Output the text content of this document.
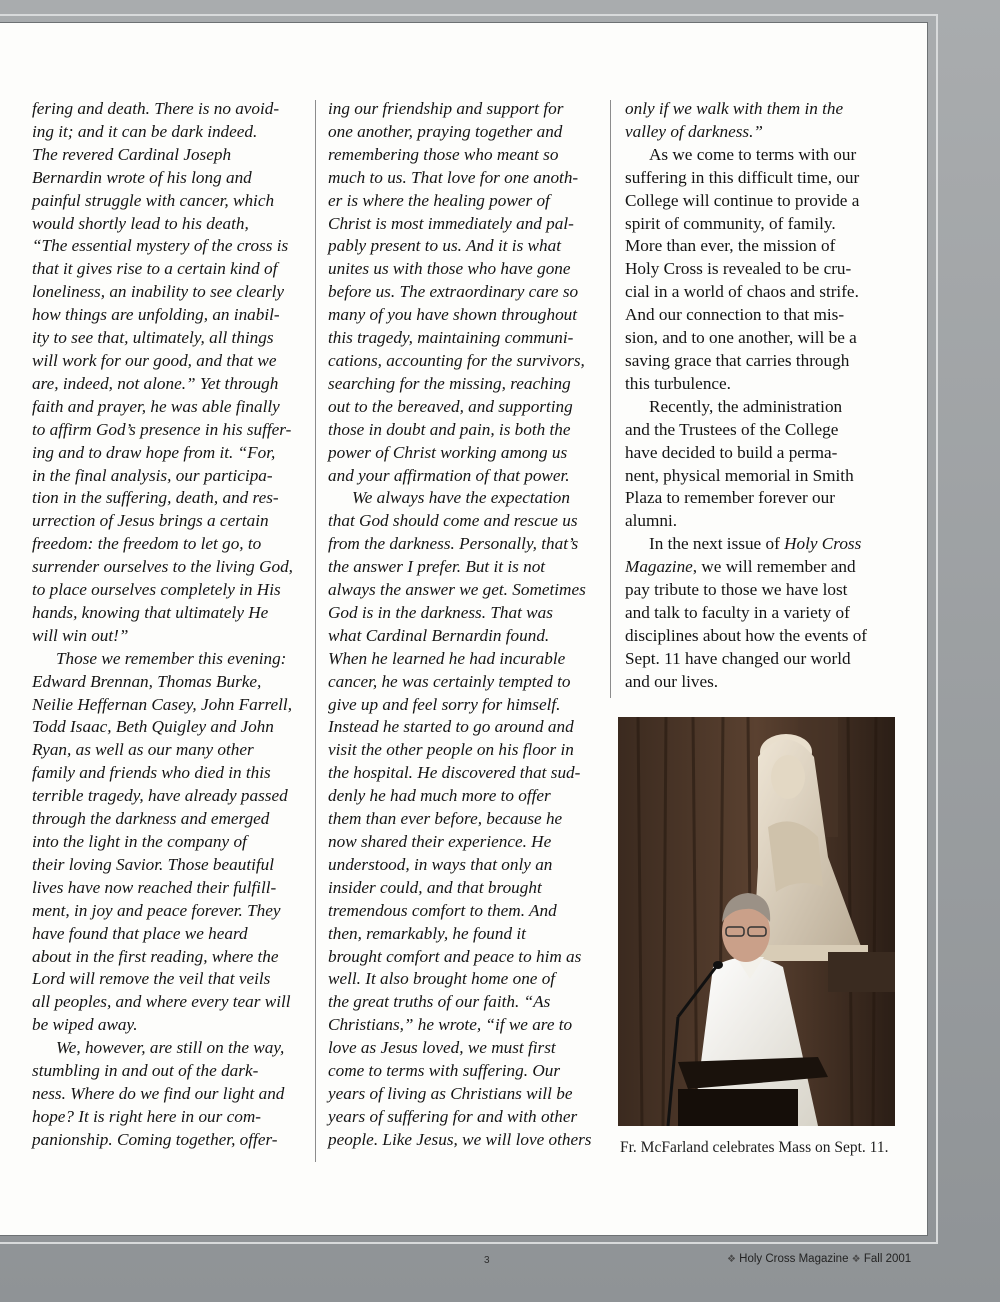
fering and death. There is no avoid-

ing it; and it can be dark indeed.

The revered Cardinal Joseph

Bernardin wrote of his long and

painful struggle with cancer, which

would shortly lead to his death,

“The essential mystery of the cross is

that it gives rise to a certain kind of

loneliness, an inability to see clearly

how things are unfolding, an inabil-

ity to see that, ultimately, all things

will work for our good, and that we

are, indeed, not alone.” Yet through

faith and prayer, he was able finally

to affirm God’s presence in his suffer-

ing and to draw hope from it. “For,

in the final analysis, our participa-

tion in the suffering, death, and res-

urrection of Jesus brings a certain

freedom: the freedom to let go, to

surrender ourselves to the living God,

to place ourselves completely in His

hands, knowing that ultimately He

will win out!”

Those we remember this evening:

Edward Brennan, Thomas Burke,

Neilie Heffernan Casey, John Farrell,

Todd Isaac, Beth Quigley and John

Ryan, as well as our many other

family and friends who died in this

terrible tragedy, have already passed

through the darkness and emerged

into the light in the company of

their loving Savior. Those beautiful

lives have now reached their fulfill-

ment, in joy and peace forever. They

have found that place we heard

about in the first reading, where the

Lord will remove the veil that veils

all peoples, and where every tear will

be wiped away.

We, however, are still on the way,

stumbling in and out of the dark-

ness. Where do we find our light and

hope? It is right here in our com-

panionship. Coming together, offer-

ing our friendship and support for

one another, praying together and

remembering those who meant so

much to us. That love for one anoth-

er is where the healing power of

Christ is most immediately and pal-

pably present to us. And it is what

unites us with those who have gone

before us. The extraordinary care so

many of you have shown throughout

this tragedy, maintaining communi-

cations, accounting for the survivors,

searching for the missing, reaching

out to the bereaved, and supporting

those in doubt and pain, is both the

power of Christ working among us

and your affirmation of that power.

We always have the expectation

that God should come and rescue us

from the darkness. Personally, that’s

the answer I prefer. But it is not

always the answer we get. Sometimes

God is in the darkness. That was

what Cardinal Bernardin found.

When he learned he had incurable

cancer, he was certainly tempted to

give up and feel sorry for himself.

Instead he started to go around and

visit the other people on his floor in

the hospital. He discovered that sud-

denly he had much more to offer

them than ever before, because he

now shared their experience. He

understood, in ways that only an

insider could, and that brought

tremendous comfort to them. And

then, remarkably, he found it

brought comfort and peace to him as

well. It also brought home one of

the great truths of our faith. “As

Christians,” he wrote, “if we are to

love as Jesus loved, we must first

come to terms with suffering. Our

years of living as Christians will be

years of suffering for and with other

people. Like Jesus, we will love others

only if we walk with them in the

valley of darkness.”

As we come to terms with our

suffering in this difficult time, our

College will continue to provide a

spirit of community, of family.

More than ever, the mission of

Holy Cross is revealed to be cru-

cial in a world of chaos and strife.

And our connection to that mis-

sion, and to one another, will be a

saving grace that carries through

this turbulence.

Recently, the administration

and the Trustees of the College

have decided to build a perma-

nent, physical memorial in Smith

Plaza to remember forever our

alumni.

In the next issue of Holy Cross

Magazine, we will remember and

pay tribute to those we have lost

and talk to faculty in a variety of

disciplines about how the events of

Sept. 11 have changed our world

and our lives.

Fr. McFarland celebrates Mass on Sept. 11.
3	❖ Holy Cross Magazine ❖ Fall 2001
